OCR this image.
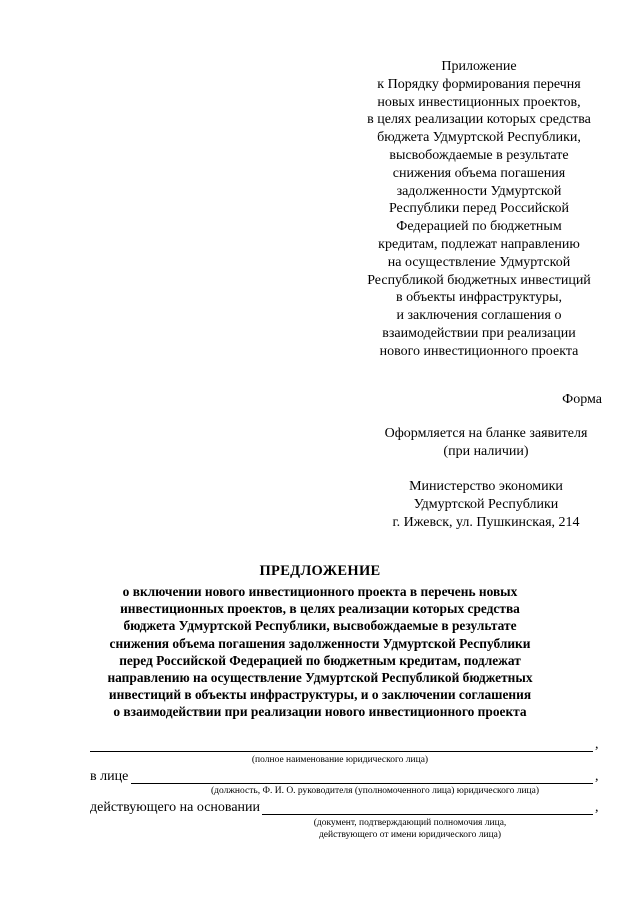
Приложение
к Порядку формирования перечня
новых инвестиционных проектов,
в целях реализации которых средства
бюджета Удмуртской Республики,
высвобождаемые в результате
снижения объема погашения
задолженности Удмуртской
Республики перед Российской
Федерацией по бюджетным
кредитам, подлежат направлению
на осуществление Удмуртской
Республикой бюджетных инвестиций
в объекты инфраструктуры,
и заключения соглашения о
взаимодействии при реализации
нового инвестиционного проекта
Форма
Оформляется на бланке заявителя
(при наличии)
Министерство экономики
Удмуртской Республики
г. Ижевск, ул. Пушкинская, 214
ПРЕДЛОЖЕНИЕ
о включении нового инвестиционного проекта в перечень новых
инвестиционных проектов, в целях реализации которых средства
бюджета Удмуртской Республики, высвобождаемые в результате
снижения объема погашения задолженности Удмуртской Республики
перед Российской Федерацией по бюджетным кредитам, подлежат
направлению на осуществление Удмуртской Республикой бюджетных
инвестиций в объекты инфраструктуры, и о заключении соглашения
о взаимодействии при реализации нового инвестиционного проекта
,
(полное наименование юридического лица)
в лице	,
(должность, Ф. И. О. руководителя (уполномоченного лица) юридического лица)
действующего на основании	,
(документ, подтверждающий полномочия лица,
действующего от имени юридического лица)
